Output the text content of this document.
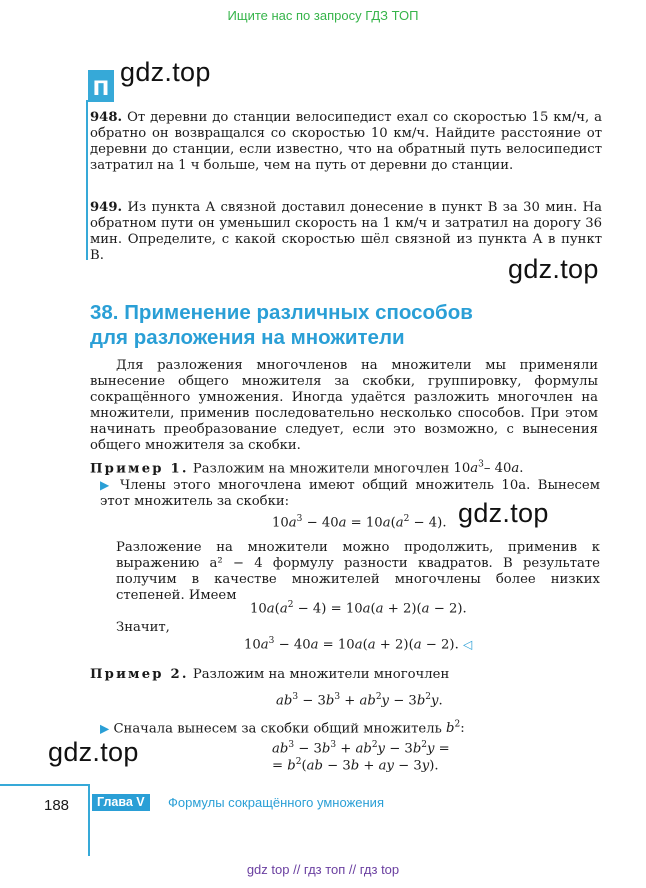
Ищите нас по запросу ГДЗ ТОП
п gdz.top
948. От деревни до станции велосипедист ехал со скоростью 15 км/ч, а обратно он возвращался со скоростью 10 км/ч. Найдите расстояние от деревни до станции, если известно, что на обратный путь велосипедист затратил на 1 ч больше, чем на путь от деревни до станции.
949. Из пункта A связной доставил донесение в пункт B за 30 мин. На обратном пути он уменьшил скорость на 1 км/ч и затратил на дорогу 36 мин. Определите, с какой скоростью шёл связной из пункта A в пункт B.	gdz.top
38. Применение различных способов
для разложения на множители
Для разложения многочленов на множители мы применяли вынесение общего множителя за скобки, группировку, формулы сокращённого умножения. Иногда удаётся разложить многочлен на множители, применив последовательно несколько способов. При этом начинать преобразование следует, если это возможно, с вынесения общего множителя за скобки.
Пример 1. Разложим на множители многочлен $10a^3-$ 40a.
▶ Члены этого многочлена имеют общий множитель 10a. Вынесем этот множитель за скобки:
$10a^3 - 40a = 10a(a^2 - 4)$. gdz.top
Разложение на множители можно продолжить, применив к выражению a² − 4 формулу разности квадратов. В результате получим в качестве множителей многочлены более низких степеней. Имеем
$10a(a^2 - 4) = 10a(a + 2)(a - 2)$.
Значит,
$10a^3 - 40a = 10a(a + 2)(a - 2)$. ◁
Пример 2. Разложим на множители многочлен
$ab^3 - 3b^3 + ab^2y - 3b^2y$.
▶ Сначала вынесем за скобки общий множитель $b^2$:
$ab^3 - 3b^3 + ab^2y - 3b^2y$ =
= $b^2(ab - 3b$ + ay − 3y).
gdz.top
188	Глава V	Формулы сокращённого умножения
gdz top // гдз топ // гдз top
